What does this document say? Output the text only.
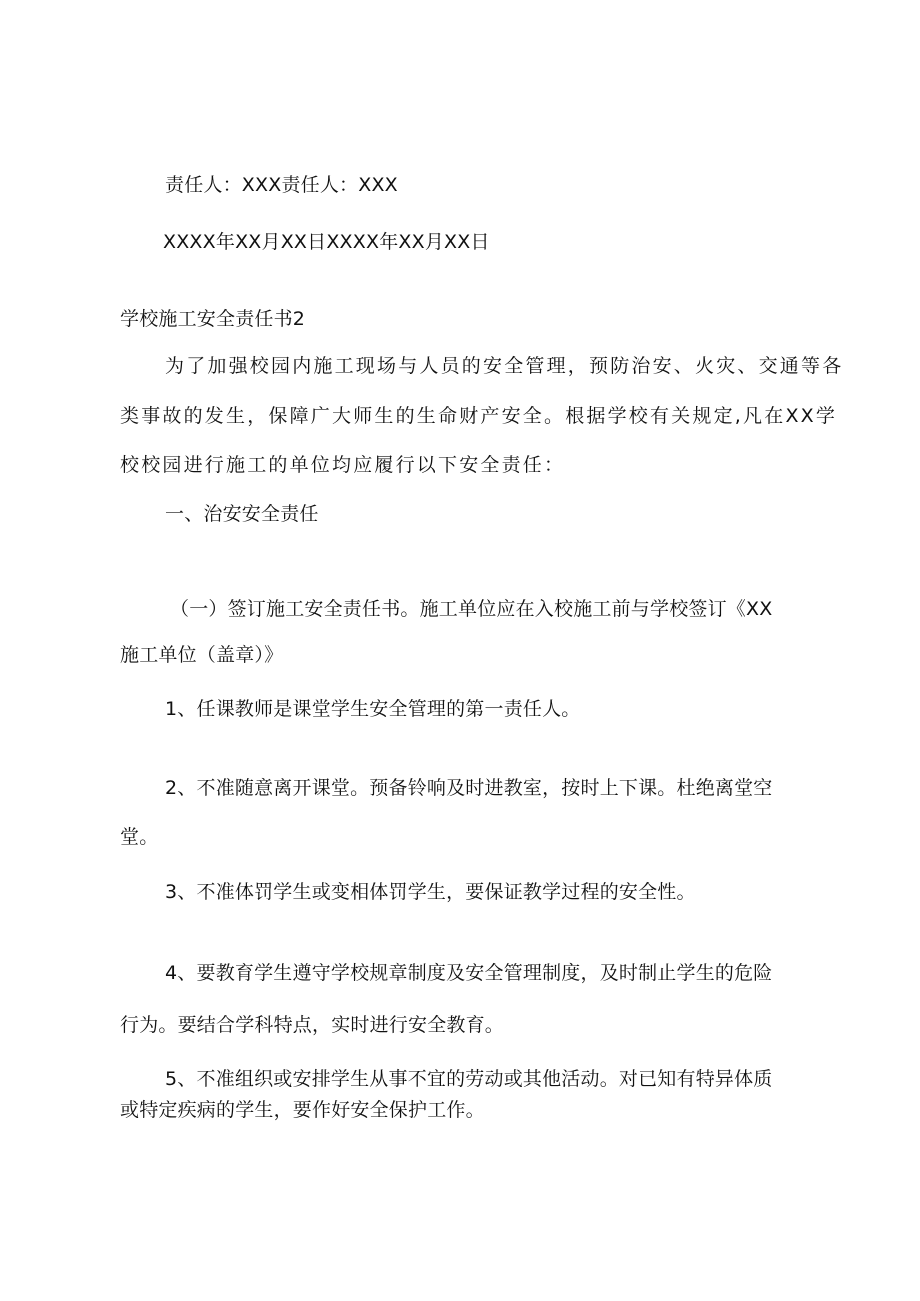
责任人：XXX责任人：XXX
XXXX年XX月XX日XXXX年XX月XX日
学校施工安全责任书2
为了加强校园内施工现场与人员的安全管理，预防治安、火灾、交通等各
类事故的发生，保障广大师生的生命财产安全。根据学校有关规定,凡在XX学
校校园进行施工的单位均应履行以下安全责任：
一、治安安全责任
（一）签订施工安全责任书。施工单位应在入校施工前与学校签订《XX
施工单位（盖章）》
1、任课教师是课堂学生安全管理的第一责任人。
2、不准随意离开课堂。预备铃响及时进教室，按时上下课。杜绝离堂空
堂。
3、不准体罚学生或变相体罚学生，要保证教学过程的安全性。
4、要教育学生遵守学校规章制度及安全管理制度，及时制止学生的危险
行为。要结合学科特点，实时进行安全教育。
5、不准组织或安排学生从事不宜的劳动或其他活动。对已知有特异体质
或特定疾病的学生，要作好安全保护工作。
